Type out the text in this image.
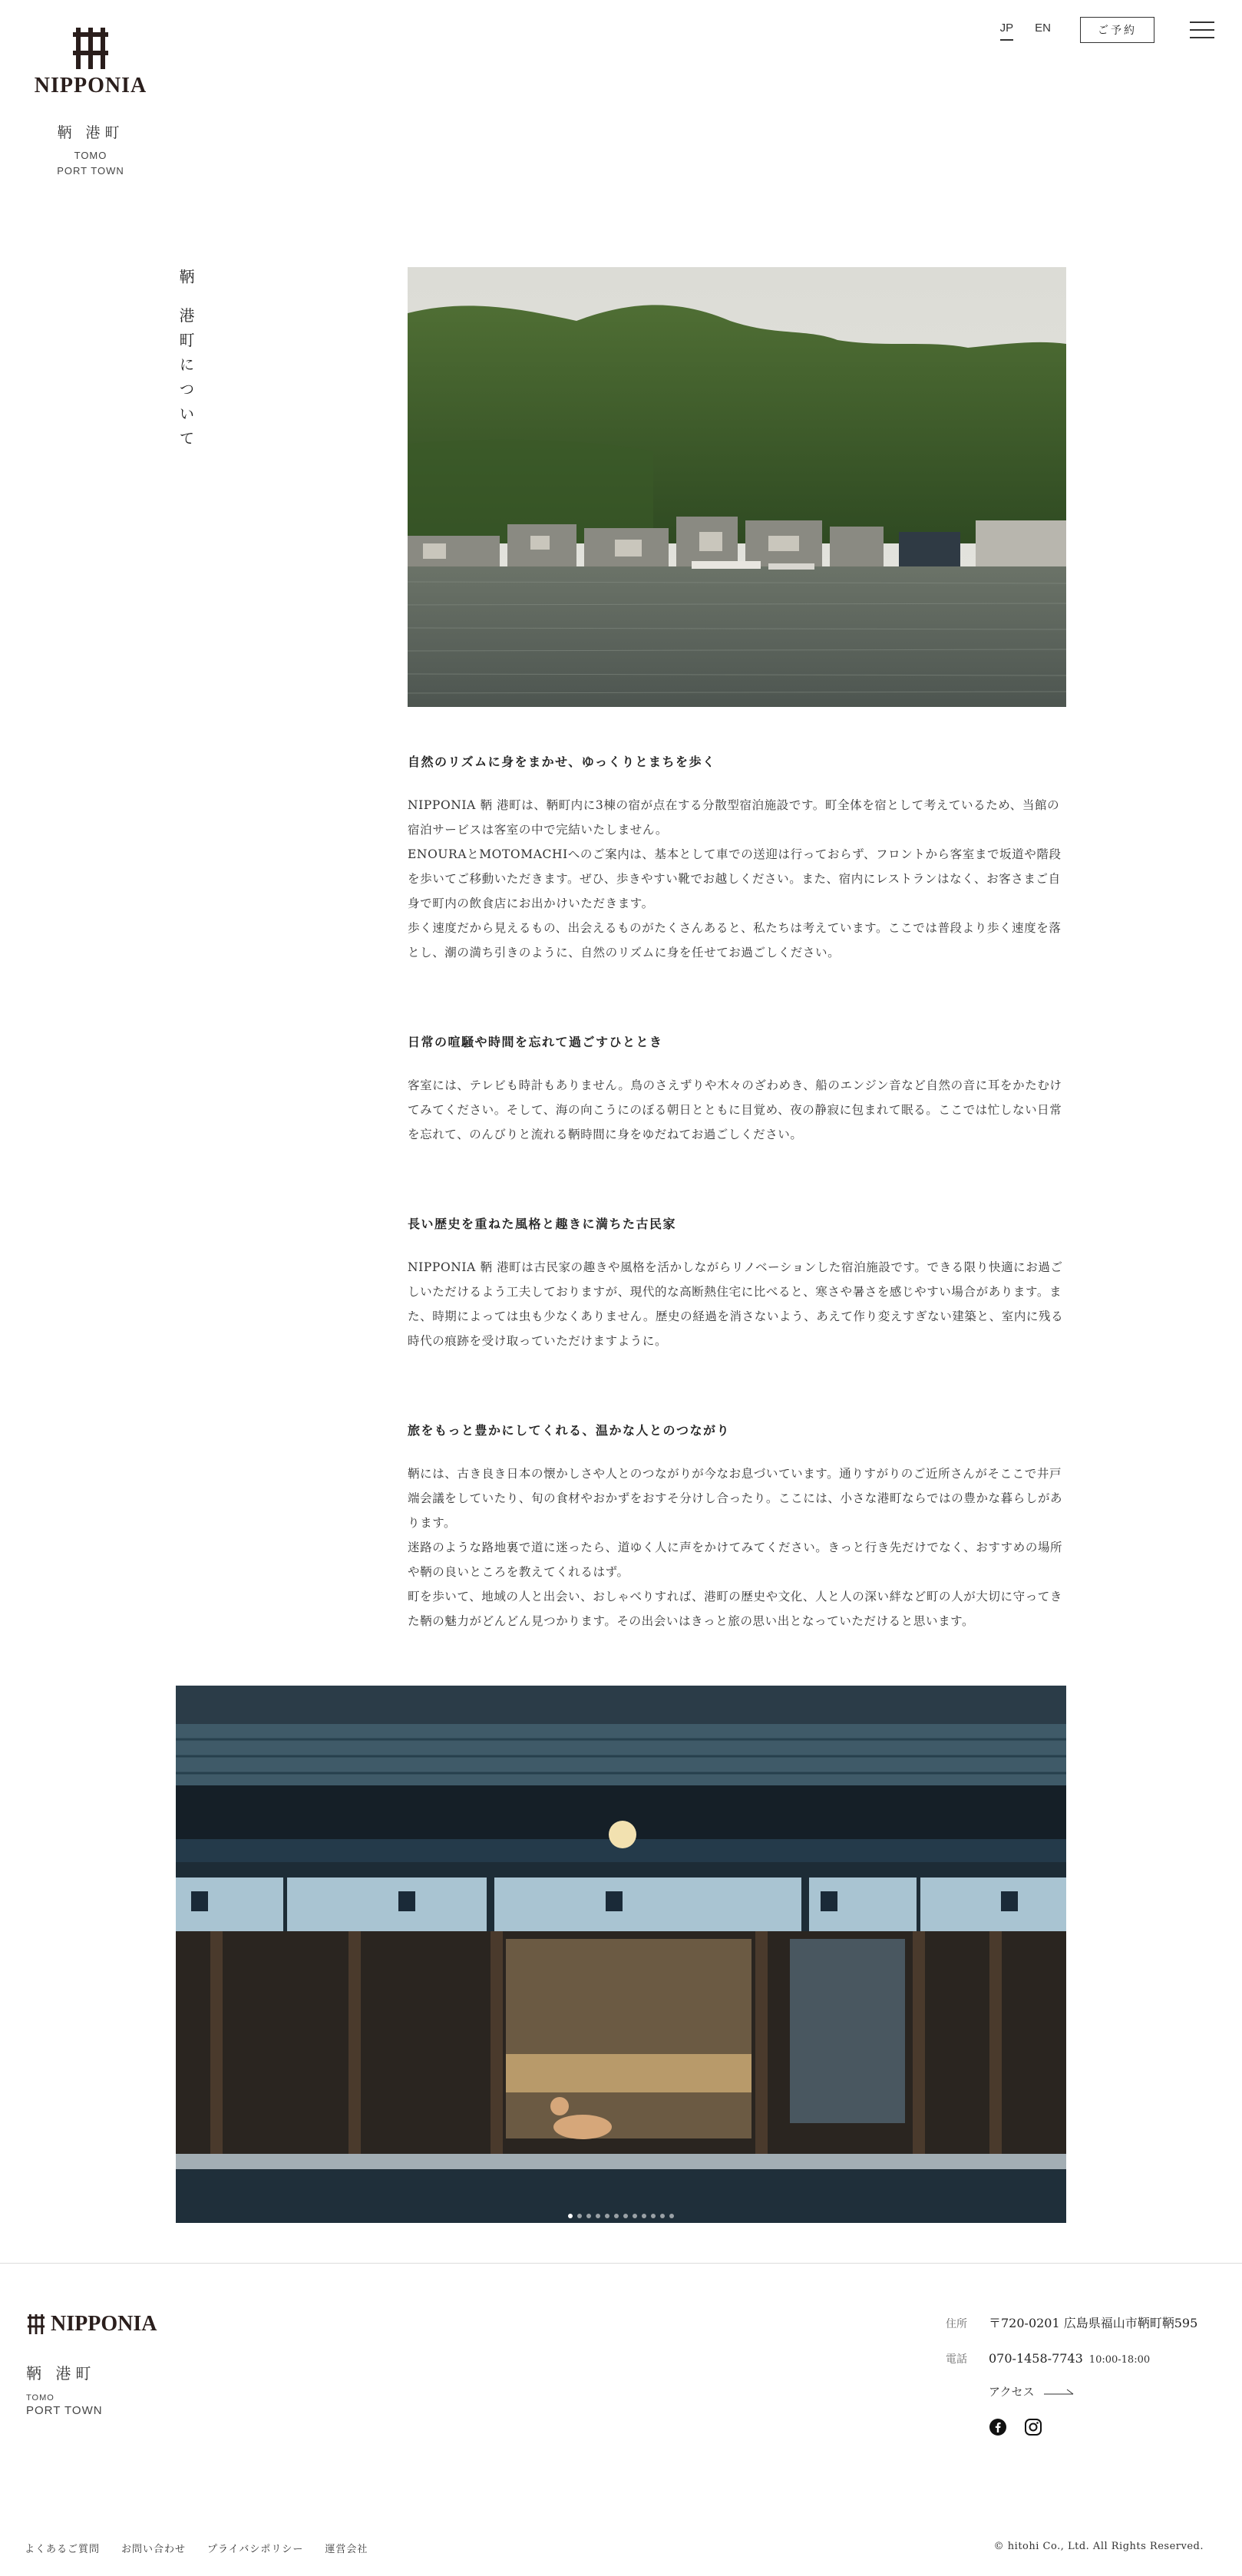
NIPPONIA
鞆 港町
TOMO
PORT TOWN
JP EN	ご予約
鞆 港町について
自然のリズムに身をまかせ、ゆっくりとまちを歩く

NIPPONIA 鞆 港町は、鞆町内に3棟の宿が点在する分散型宿泊施設です。町全体を宿として考えているため、当館の宿泊サービスは客室の中で完結いたしません。

ENOURAとMOTOMACHIへのご案内は、基本として車での送迎は行っておらず、フロントから客室まで坂道や階段を歩いてご移動いただきます。ぜひ、歩きやすい靴でお越しください。また、宿内にレストランはなく、お客さまご自身で町内の飲食店にお出かけいただきます。

歩く速度だから見えるもの、出会えるものがたくさんあると、私たちは考えています。ここでは普段より歩く速度を落とし、潮の満ち引きのように、自然のリズムに身を任せてお過ごしください。

日常の喧騒や時間を忘れて過ごすひととき

客室には、テレビも時計もありません。鳥のさえずりや木々のざわめき、船のエンジン音など自然の音に耳をかたむけてみてください。そして、海の向こうにのぼる朝日とともに目覚め、夜の静寂に包まれて眠る。ここでは忙しない日常を忘れて、のんびりと流れる鞆時間に身をゆだねてお過ごしください。

長い歴史を重ねた風格と趣きに満ちた古民家

NIPPONIA 鞆 港町は古民家の趣きや風格を活かしながらリノベーションした宿泊施設です。できる限り快適にお過ごしいただけるよう工夫しておりますが、現代的な高断熱住宅に比べると、寒さや暑さを感じやすい場合があります。また、時期によっては虫も少なくありません。歴史の経過を消さないよう、あえて作り変えすぎない建築と、室内に残る時代の痕跡を受け取っていただけますように。

旅をもっと豊かにしてくれる、温かな人とのつながり

鞆には、古き良き日本の懐かしさや人とのつながりが今なお息づいています。通りすがりのご近所さんがそここで井戸端会議をしていたり、旬の食材やおかずをおすそ分けし合ったり。ここには、小さな港町ならではの豊かな暮らしがあります。

迷路のような路地裏で道に迷ったら、道ゆく人に声をかけてみてください。きっと行き先だけでなく、おすすめの場所や鞆の良いところを教えてくれるはず。

町を歩いて、地域の人と出会い、おしゃべりすれば、港町の歴史や文化、人と人の深い絆など町の人が大切に守ってきた鞆の魅力がどんどん見つかります。その出会いはきっと旅の思い出となっていただけると思います。

NIPPONIA
鞆 港町
TOMO
PORT TOWN
住所	〒720-0201 広島県福山市鞆町鞆595
電話	070-1458-7743 10:00-18:00
アクセス
よくあるご質問 お問い合わせ プライバシポリシー 運営会社	© hitohi Co., Ltd. All Rights Reserved.
